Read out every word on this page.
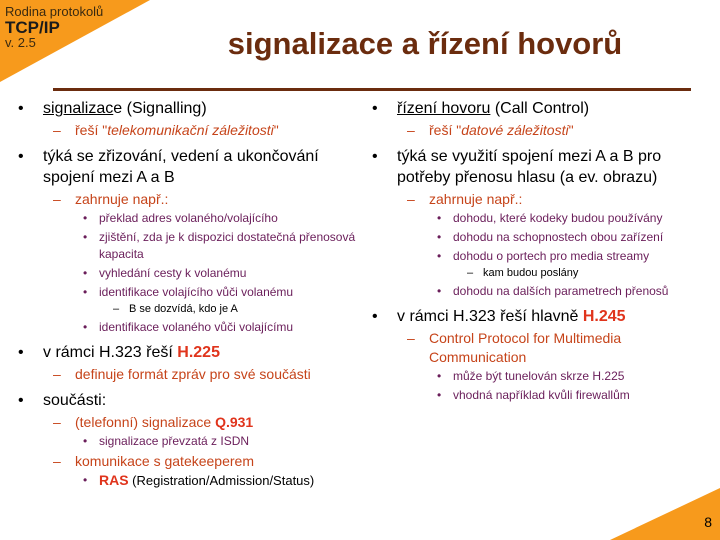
Rodina protokolů
TCP/IP
v. 2.5	signalizace a řízení hovorů
• signalizace (Signalling)
– řeší "telekomunikační záležitosti"
• týká se zřizování, vedení a ukončování spojení mezi A a B
– zahrnuje např.:
• překlad adres volaného/volajícího
• zjištění, zda je k dispozici dostatečná přenosová kapacita
• vyhledání cesty k volanému
• identifikace volajícího vůči volanému
– B se dozvídá, kdo je A
• identifikace volaného vůči volajícímu
• v rámci H.323 řeší H.225
– definuje formát zpráv pro své součásti
• součásti:
– (telefonní) signalizace Q.931
• signalizace převzatá z ISDN
– komunikace s gatekeeperem
• RAS (Registration/Admission/Status)
• řízení hovoru (Call Control)
– řeší "datové záležitosti"
• týká se využití spojení mezi A a B pro potřeby přenosu hlasu (a ev. obrazu)
– zahrnuje např.:
• dohodu, které kodeky budou používány
• dohodu na schopnostech obou zařízení
• dohodu o portech pro media streamy
– kam budou poslány
• dohodu na dalších parametrech přenosů
• v rámci H.323 řeší hlavně H.245
– Control Protocol for Multimedia Communication
• může být tunelován skrze H.225
• vhodná například kvůli firewallům
8
